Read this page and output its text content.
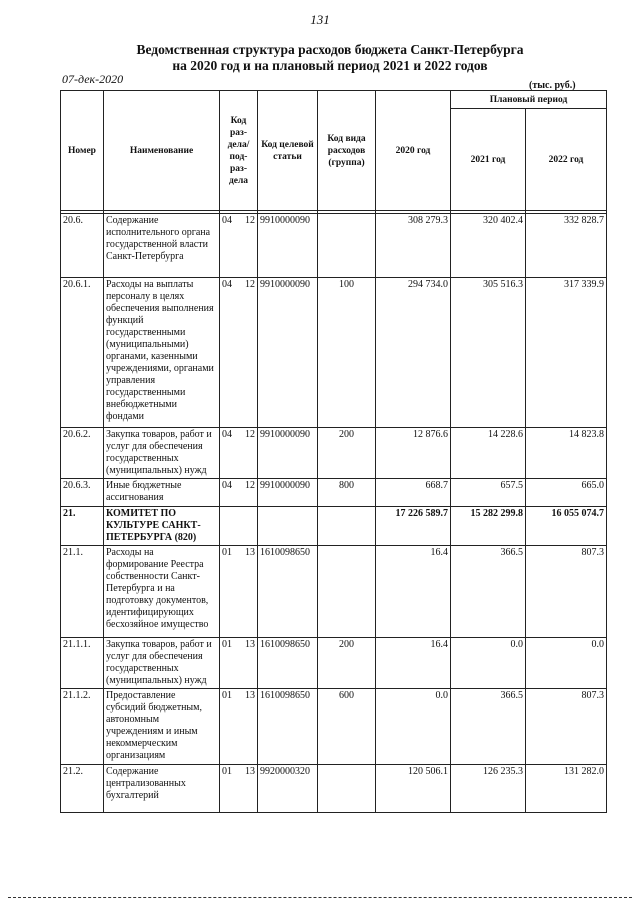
131
Ведомственная структура расходов бюджета Санкт-Петербурга
на 2020 год и на плановый период 2021 и 2022 годов
07-дек-2020	(тыс. руб.)
Номер	Наименование	Код раз- дела/ под- раз- дела	Код целевой статьи	Код вида расходов (группа)	2020 год	Плановый период	
						2021 год	2022 год

20.6.	Содержание исполнительного органа государственной власти Санкт-Петербурга	04 12	9910000090		308 279.3	320 402.4	332 828.7
20.6.1.	Расходы на выплаты персоналу в целях обеспечения выполнения функций государственными (муниципальными) органами, казенными учреждениями, органами управления государственными внебюджетными фондами	04 12	9910000090	100	294 734.0	305 516.3	317 339.9
20.6.2.	Закупка товаров, работ и услуг для обеспечения государственных (муниципальных) нужд	04 12	9910000090	200	12 876.6	14 228.6	14 823.8
20.6.3.	Иные бюджетные ассигнования	04 12	9910000090	800	668.7	657.5	665.0
21.	КОМИТЕТ ПО КУЛЬТУРЕ САНКТ-ПЕТЕРБУРГА (820)				17 226 589.7	15 282 299.8	16 055 074.7
21.1.	Расходы на формирование Реестра собственности Санкт-Петербурга и на подготовку документов, идентифицирующих бесхозяйное имущество	01 13	1610098650		16.4	366.5	807.3
21.1.1.	Закупка товаров, работ и услуг для обеспечения государственных (муниципальных) нужд	01 13	1610098650	200	16.4	0.0	0.0
21.1.2.	Предоставление субсидий бюджетным, автономным учреждениям и иным некоммерческим организациям	01 13	1610098650	600	0.0	366.5	807.3
21.2.	Содержание централизованных бухгалтерий	01 13	9920000320		120 506.1	126 235.3	131 282.0
